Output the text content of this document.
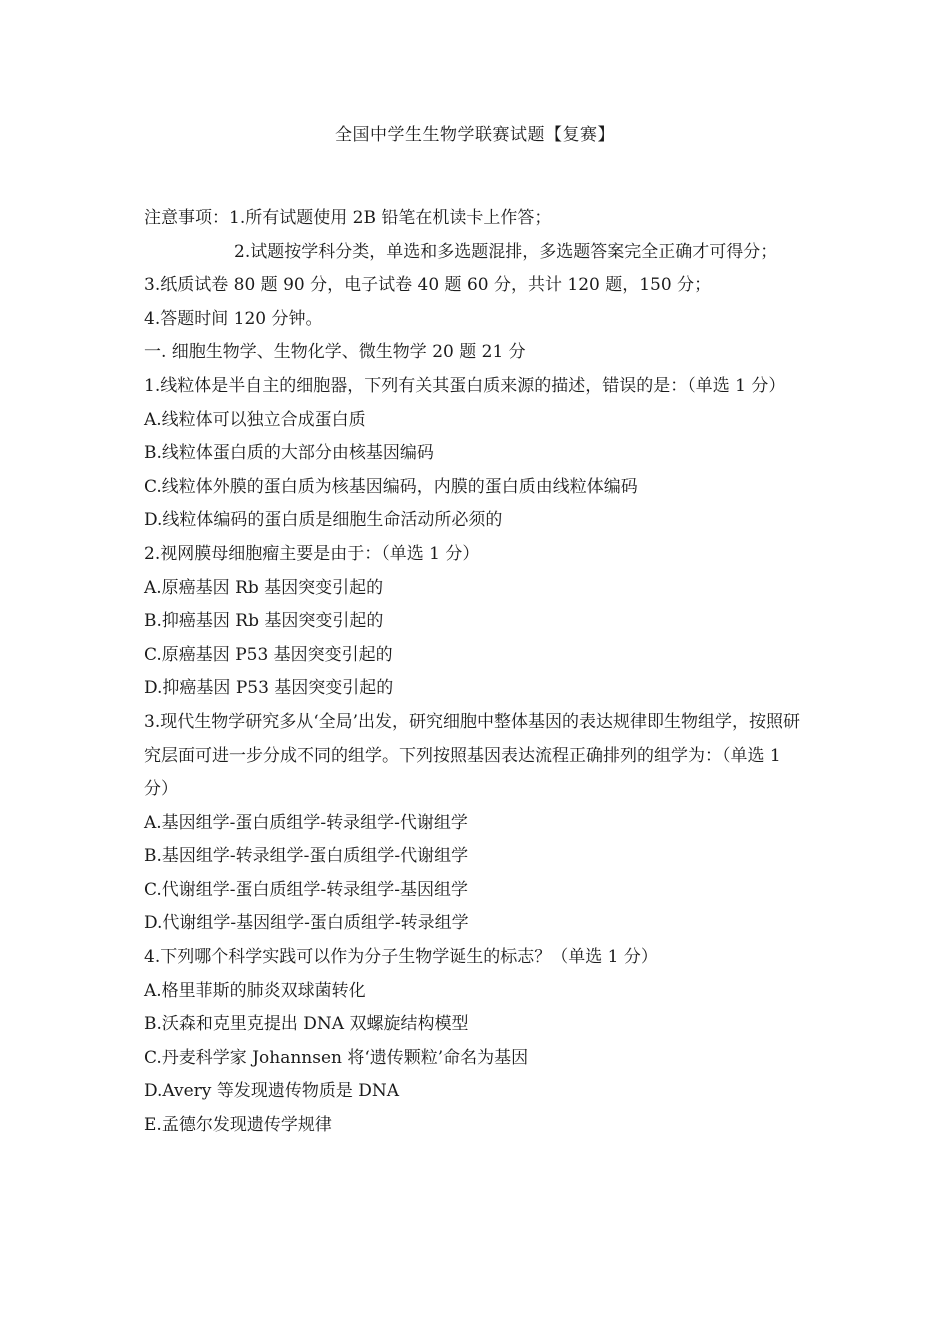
全国中学生生物学联赛试题【复赛】

注意事项：1.所有试题使用 2B 铅笔在机读卡上作答；

2.试题按学科分类，单选和多选题混排，多选题答案完全正确才可得分；

3.纸质试卷 80 题 90 分，电子试卷 40 题 60 分，共计 120 题，150 分；

4.答题时间 120 分钟。

一. 细胞生物学、生物化学、微生物学 20 题 21 分

1.线粒体是半自主的细胞器，下列有关其蛋白质来源的描述，错误的是：（单选 1 分）

A.线粒体可以独立合成蛋白质

B.线粒体蛋白质的大部分由核基因编码

C.线粒体外膜的蛋白质为核基因编码，内膜的蛋白质由线粒体编码

D.线粒体编码的蛋白质是细胞生命活动所必须的

2.视网膜母细胞瘤主要是由于：（单选 1 分）

A.原癌基因 Rb 基因突变引起的

B.抑癌基因 Rb 基因突变引起的

C.原癌基因 P53 基因突变引起的

D.抑癌基因 P53 基因突变引起的

3.现代生物学研究多从‘全局’出发，研究细胞中整体基因的表达规律即生物组学，按照研究层面可进一步分成不同的组学。下列按照基因表达流程正确排列的组学为：（单选 1 分）

A.基因组学-蛋白质组学-转录组学-代谢组学

B.基因组学-转录组学-蛋白质组学-代谢组学

C.代谢组学-蛋白质组学-转录组学-基因组学

D.代谢组学-基因组学-蛋白质组学-转录组学

4.下列哪个科学实践可以作为分子生物学诞生的标志？（单选 1 分）

A.格里菲斯的肺炎双球菌转化

B.沃森和克里克提出 DNA 双螺旋结构模型

C.丹麦科学家 Johannsen 将‘遗传颗粒’命名为基因

D.Avery 等发现遗传物质是 DNA

E.孟德尔发现遗传学规律
